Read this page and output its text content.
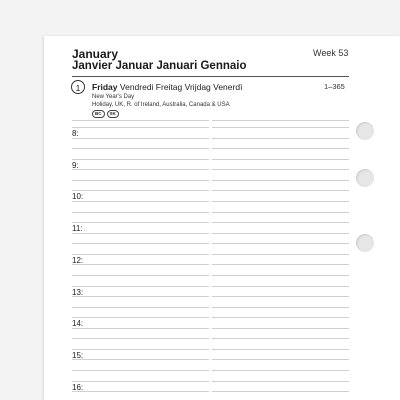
January
Janvier Januar Januari Gennaio
Week 53
1	Friday Vendredi Freitag Vrijdag Venerdì	1–365
New Year's Day
Holiday, UK, R. of Ireland, Australia, Canada & USA
BC	SK
8:
9:
10:
11:
12:
13:
14:
15:
16:
